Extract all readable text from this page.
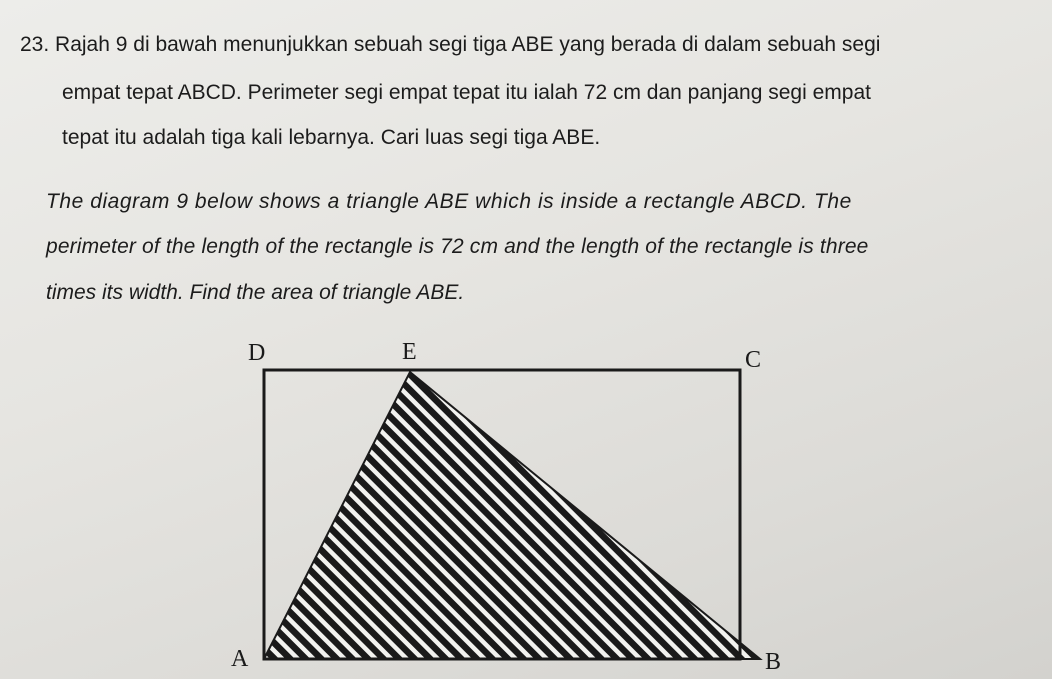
23. Rajah 9 di bawah menunjukkan sebuah segi tiga ABE yang berada di dalam sebuah segi
empat tepat ABCD. Perimeter segi empat tepat itu ialah 72 cm dan panjang segi empat
tepat itu adalah tiga kali lebarnya. Cari luas segi tiga ABE.
The diagram 9 below shows a triangle ABE which is inside a rectangle ABCD. The
perimeter of the length of the rectangle is 72 cm and the length of the rectangle is three
times its width. Find the area of triangle ABE.
D	E	C
A	B
